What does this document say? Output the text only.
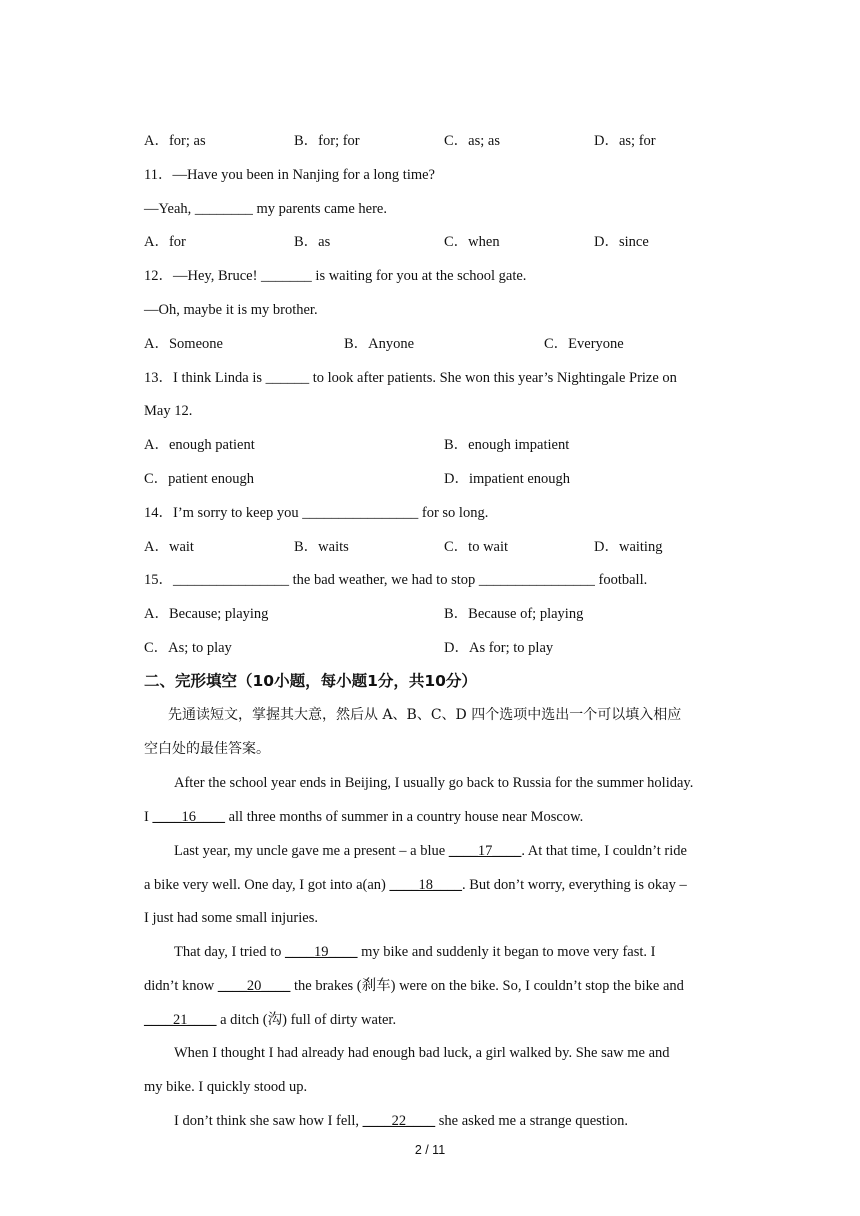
A．for; as	B．for; for	C．as; as	D．as; for
11．—Have you been in Nanjing for a long time?
—Yeah, ________ my parents came here.
A．for	B．as	C．when	D．since
12．—Hey, Bruce! _______ is waiting for you at the school gate.
—Oh, maybe it is my brother.
A．Someone	B．Anyone	C．Everyone
13．I think Linda is ______ to look after patients. She won this year’s Nightingale Prize on
May 12.
A．enough patient	B．enough impatient
C．patient enough	D．impatient enough
14．I’m sorry to keep you ________________ for so long.
A．wait	B．waits	C．to wait	D．waiting
15．________________ the bad weather, we had to stop ________________ football.
A．Because; playing	B．Because of; playing
C．As; to play	D．As for; to play
二、完形填空（10小题，每小题1分，共10分）
先通读短文，掌握其大意，然后从 A、B、C、D 四个选项中选出一个可以填入相应
空白处的最佳答案。
After the school year ends in Beijing, I usually go back to Russia for the summer holiday.
I ____16____ all three months of summer in a country house near Moscow.
Last year, my uncle gave me a present – a blue ____17____. At that time, I couldn’t ride
a bike very well. One day, I got into a(an) ____18____. But don’t worry, everything is okay –
I just had some small injuries.
That day, I tried to ____19____ my bike and suddenly it began to move very fast. I
didn’t know ____20____ the brakes (刹车) were on the bike. So, I couldn’t stop the bike and
____21____ a ditch (沟) full of dirty water.
When I thought I had already had enough bad luck, a girl walked by. She saw me and
my bike. I quickly stood up.
I don’t think she saw how I fell, ____22____ she asked me a strange question.
2 / 11
